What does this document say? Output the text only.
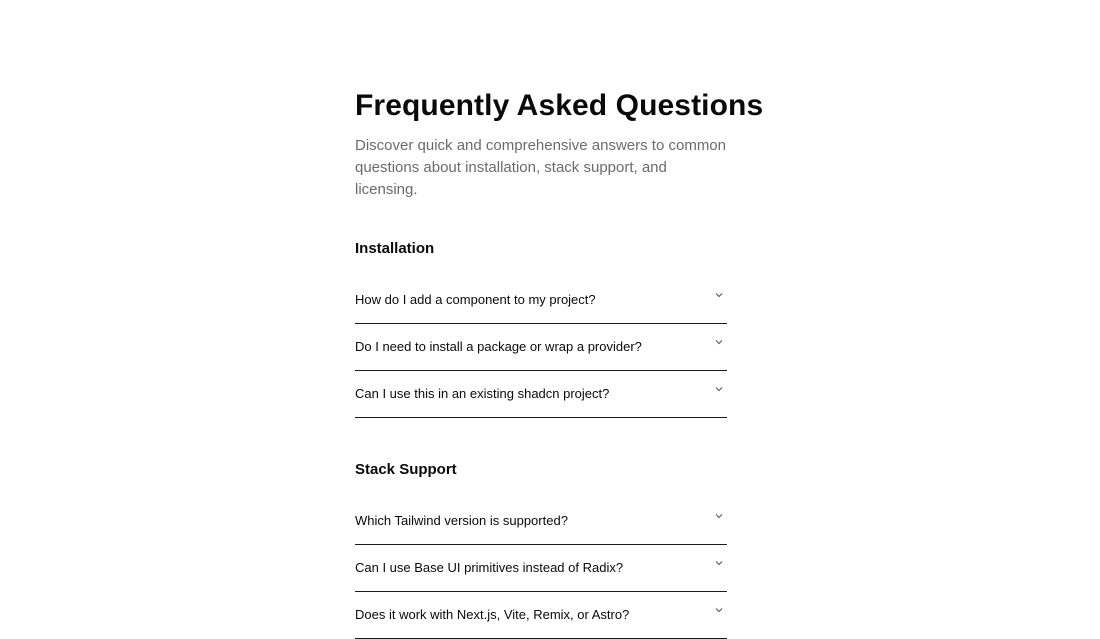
Frequently Asked Questions

Discover quick and comprehensive answers to common questions about installation, stack support, and licensing.

Installation
How do I add a component to my project?
Do I need to install a package or wrap a provider?
Can I use this in an existing shadcn project?
Stack Support
Which Tailwind version is supported?
Can I use Base UI primitives instead of Radix?
Does it work with Next.js, Vite, Remix, or Astro?
